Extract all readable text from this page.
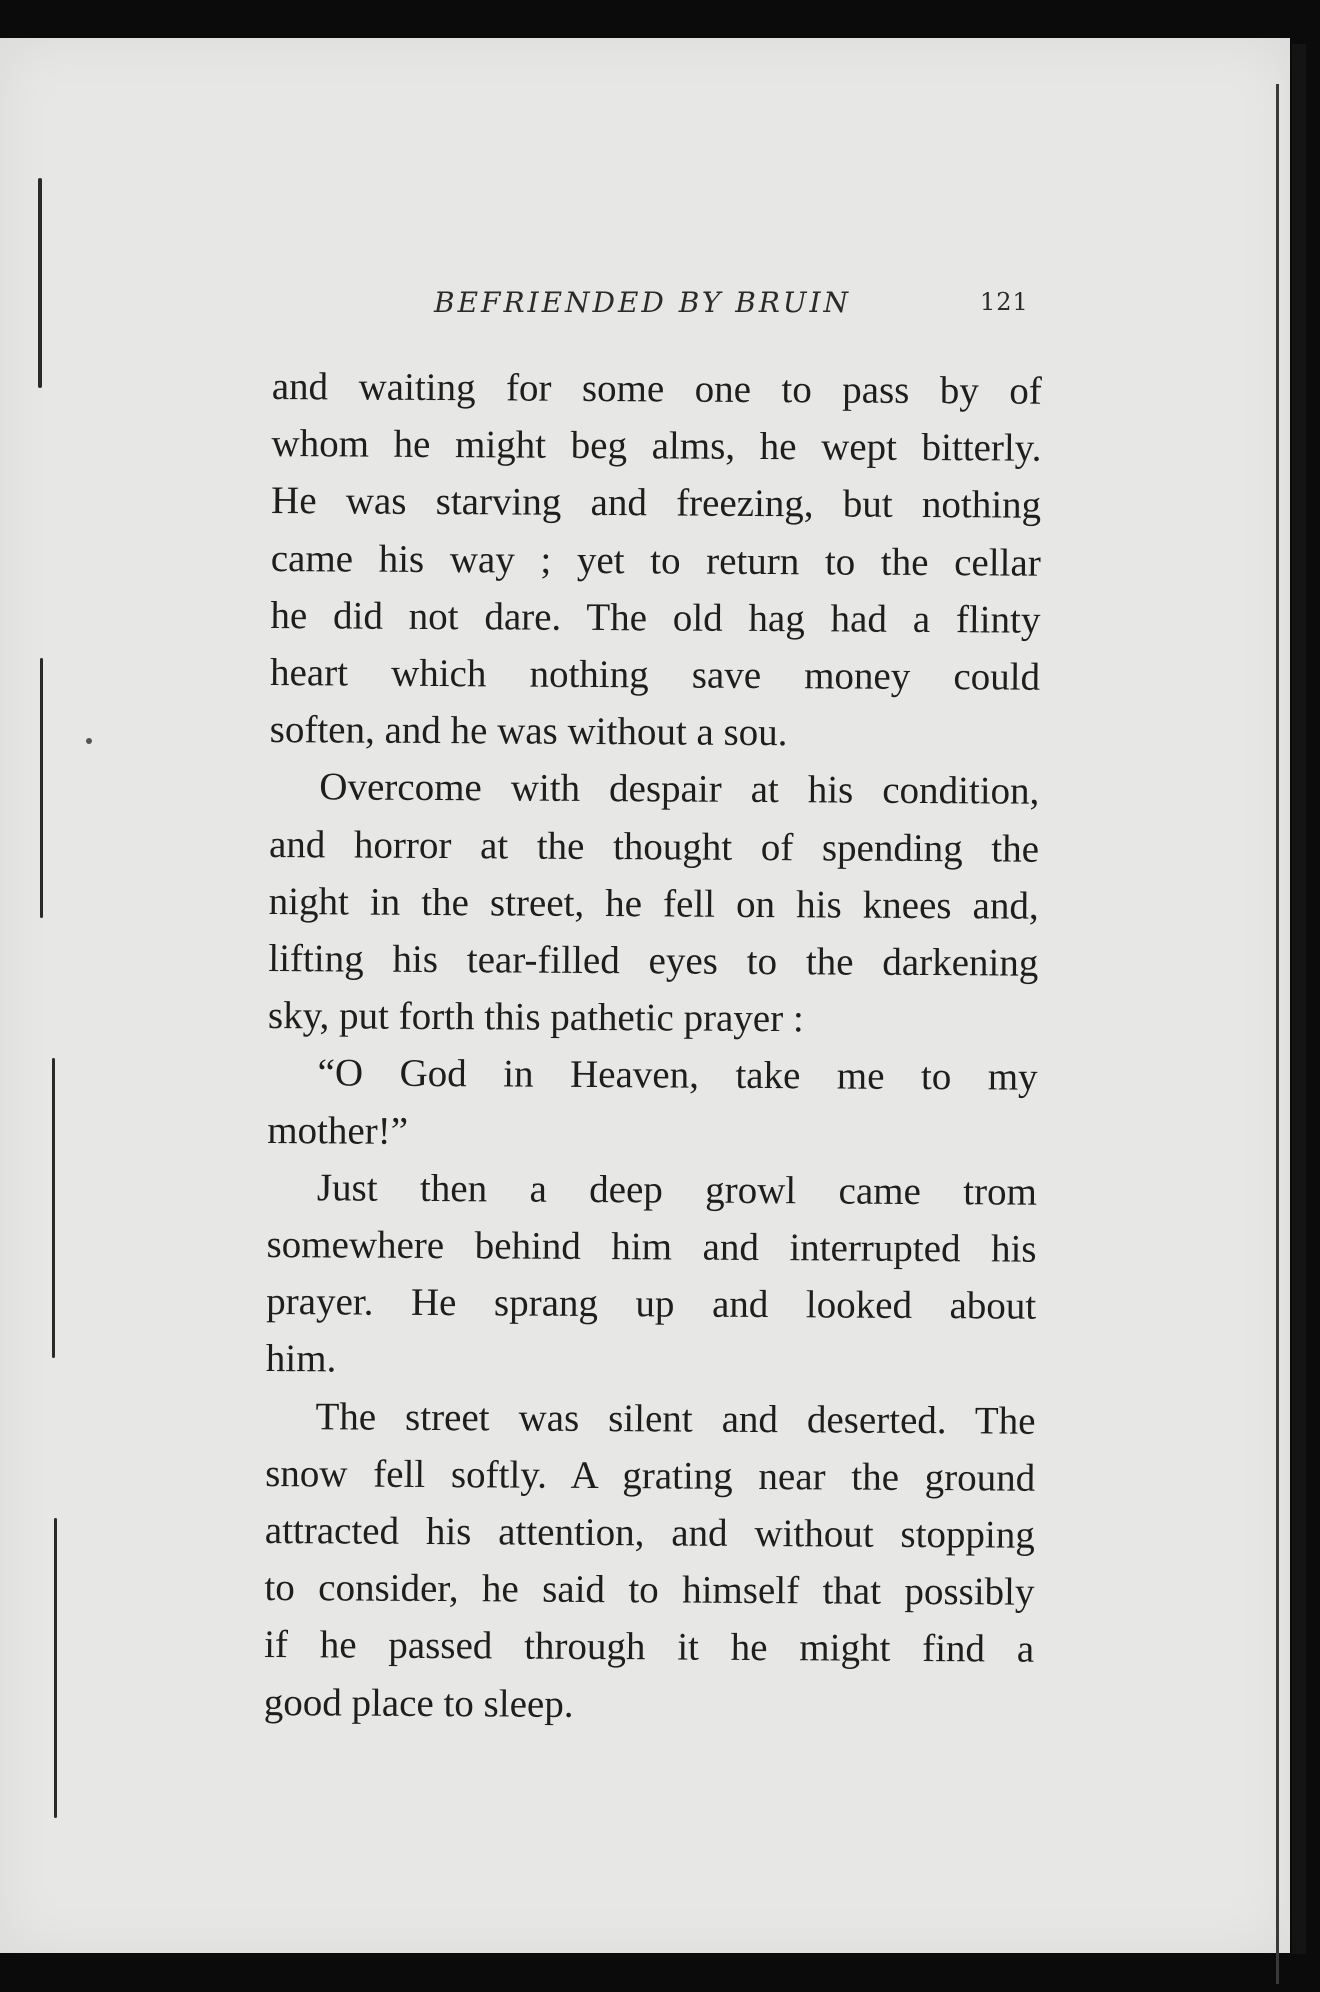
BEFRIENDED BY BRUIN	121

and waiting for some one to pass by of
whom he might beg alms, he wept bitterly.
He was starving and freezing, but nothing
came his way ; yet to return to the cellar
he did not dare. The old hag had a flinty
heart which nothing save money could
soften, and he was without a sou.

Overcome with despair at his condition,

and horror at the thought of spending the
night in the street, he fell on his knees and,
lifting his tear-filled eyes to the darkening
sky, put forth this pathetic prayer :

“O God in Heaven, take me to my

mother!”

Just then a deep growl came trom

somewhere behind him and interrupted his
prayer. He sprang up and looked about
him.

The street was silent and deserted. The

snow fell softly. A grating near the ground
attracted his attention, and without stopping
to consider, he said to himself that possibly
if he passed through it he might find a
good place to sleep.
